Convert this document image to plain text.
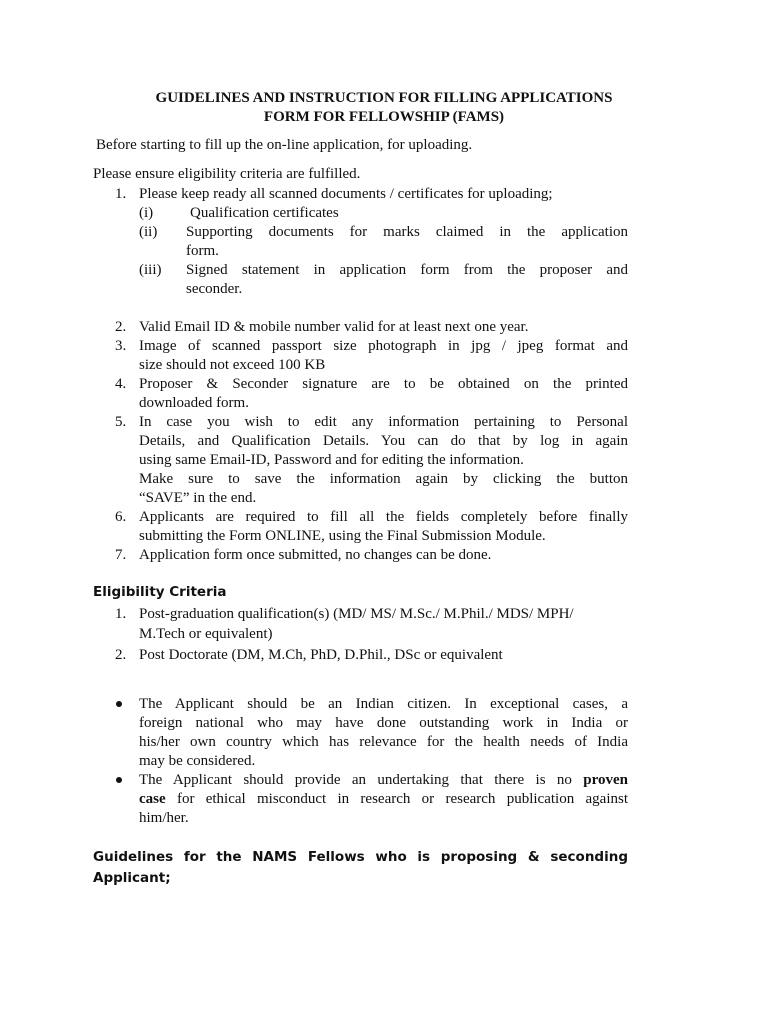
GUIDELINES AND INSTRUCTION FOR FILLING APPLICATIONS
FORM FOR FELLOWSHIP (FAMS)
Before starting to fill up the on-line application, for uploading.
Please ensure eligibility criteria are fulfilled.
1. Please keep ready all scanned documents / certificates for uploading;
(i) Qualification certificates
(ii) Supporting documents for marks claimed in the application
form.
(iii) Signed statement in application form from the proposer and
seconder.
2. Valid Email ID & mobile number valid for at least next one year.
3. Image of scanned passport size photograph in jpg / jpeg format and
size should not exceed 100 KB
4. Proposer & Seconder signature are to be obtained on the printed
downloaded form.
5. In case you wish to edit any information pertaining to Personal
Details, and Qualification Details. You can do that by log in again
using same Email-ID, Password and for editing the information.
Make sure to save the information again by clicking the button
“SAVE” in the end.
6. Applicants are required to fill all the fields completely before finally
submitting the Form ONLINE, using the Final Submission Module.
7. Application form once submitted, no changes can be done.
Eligibility Criteria
1. Post-graduation qualification(s) (MD/ MS/ M.Sc./ M.Phil./ MDS/ MPH/
M.Tech or equivalent)
2. Post Doctorate (DM, M.Ch, PhD, D.Phil., DSc or equivalent
The Applicant should be an Indian citizen. In exceptional cases, a
foreign national who may have done outstanding work in India or
his/her own country which has relevance for the health needs of India
may be considered.
The Applicant should provide an undertaking that there is no proven
case for ethical misconduct in research or research publication against
him/her.
Guidelines for the NAMS Fellows who is proposing & seconding
Applicant;
